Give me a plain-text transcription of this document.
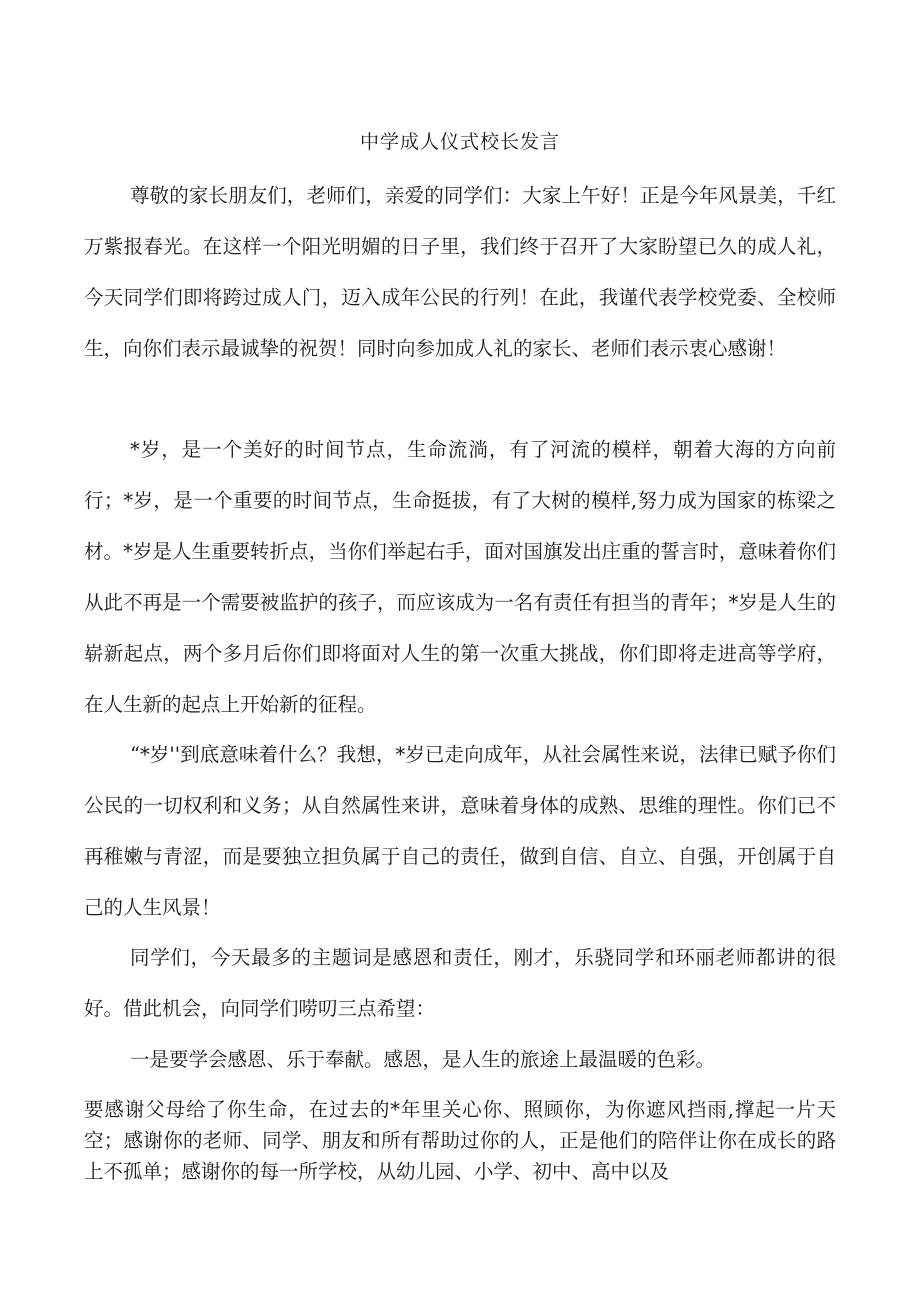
中学成人仪式校长发言

尊敬的家长朋友们，老师们，亲爱的同学们：大家上午好！正是今年风景美，千红万紫报春光。在这样一个阳光明媚的日子里，我们终于召开了大家盼望已久的成人礼，今天同学们即将跨过成人门，迈入成年公民的行列！在此，我谨代表学校党委、全校师生，向你们表示最诚挚的祝贺！同时向参加成人礼的家长、老师们表示衷心感谢！

*岁，是一个美好的时间节点，生命流淌，有了河流的模样，朝着大海的方向前行；*岁，是一个重要的时间节点，生命挺拔，有了大树的模样,努力成为国家的栋梁之材。*岁是人生重要转折点，当你们举起右手，面对国旗发出庄重的誓言时，意味着你们从此不再是一个需要被监护的孩子，而应该成为一名有责任有担当的青年；*岁是人生的崭新起点，两个多月后你们即将面对人生的第一次重大挑战，你们即将走进高等学府，在人生新的起点上开始新的征程。

“*岁''到底意味着什么？我想，*岁已走向成年，从社会属性来说，法律已赋予你们公民的一切权利和义务；从自然属性来讲，意味着身体的成熟、思维的理性。你们已不再稚嫩与青涩，而是要独立担负属于自己的责任，做到自信、自立、自强，开创属于自己的人生风景！

同学们，今天最多的主题词是感恩和责任，刚才，乐骁同学和环丽老师都讲的很好。借此机会，向同学们唠叨三点希望：

一是要学会感恩、乐于奉献。感恩，是人生的旅途上最温暖的色彩。

要感谢父母给了你生命，在过去的*年里关心你、照顾你，为你遮风挡雨,撑起一片天空；感谢你的老师、同学、朋友和所有帮助过你的人，正是他们的陪伴让你在成长的路上不孤单；感谢你的每一所学校，从幼儿园、小学、初中、高中以及
